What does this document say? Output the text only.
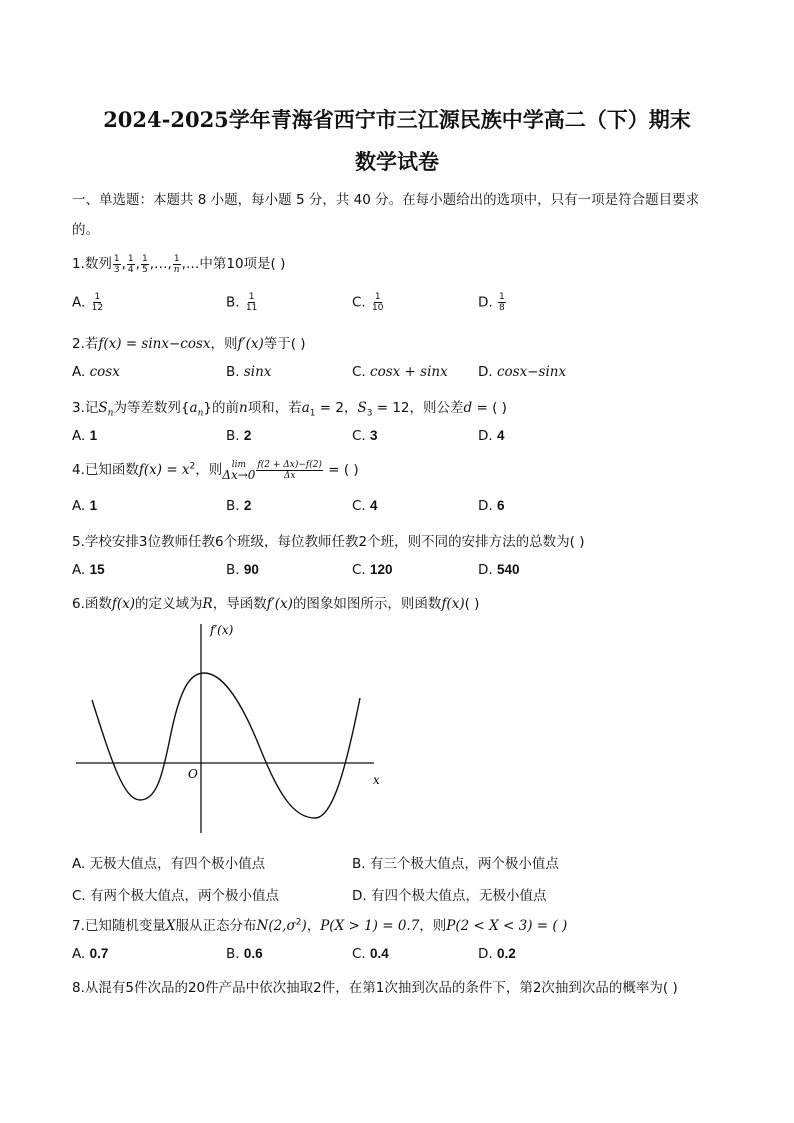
2024-2025学年青海省西宁市三江源民族中学高二（下）期末
数学试卷
一、单选题：本题共 8 小题，每小题 5 分，共 40 分。在每小题给出的选项中，只有一项是符合题目要求
的。
1.数列 $\frac{1}{3}$ , $\frac{1}{4}$ , $\frac{1}{5}$ ,…, $\frac{1}{n}$ ,…中第10项是( )
A. $\frac{1}{12}$	B. $\frac{1}{11}$	C. $\frac{1}{10}$	D. $\frac{1}{8}$
2.若f(x) = sinx−cosx，则f′(x)等于( )
A. cosx	B. sinx	C. cosx + sinx D. cosx−sinx
3.记$S_n$为等差数列$\{a_n\}$的前n项和，若$a_1 = 2$，$S_3 = 12$，则公差d = ( )
A. 1	B. 2	C. 3	D. 4
4.已知函数$f(x) = x^2$，则 lim
$\Delta x\to 0 \frac{f(2 + \Delta x)-f(2)}{\Delta x}$ = ( )
A. 1	B. 2	C. 4	D. 6
5.学校安排3位教师任教6个班级，每位教师任教2个班，则不同的安排方法的总数为( )
A. 15	B. 90	C. 120	D. 540
6.函数f(x)的定义域为R，导函数f′(x)的图象如图所示，则函数f(x)( )
f′(x)
O	x
A. 无极大值点，有四个极小值点	B. 有三个极大值点，两个极小值点
C. 有两个极大值点，两个极小值点	D. 有四个极大值点，无极小值点
7.已知随机变量X服从正态分布$N(2,\sigma^2)$，P(X > 1) = 0.7，则P(2 < X < 3) = ( )
A. 0.7	B. 0.6	C. 0.4	D. 0.2
8.从混有5件次品的20件产品中依次抽取2件，在第1次抽到次品的条件下，第2次抽到次品的概率为( )
